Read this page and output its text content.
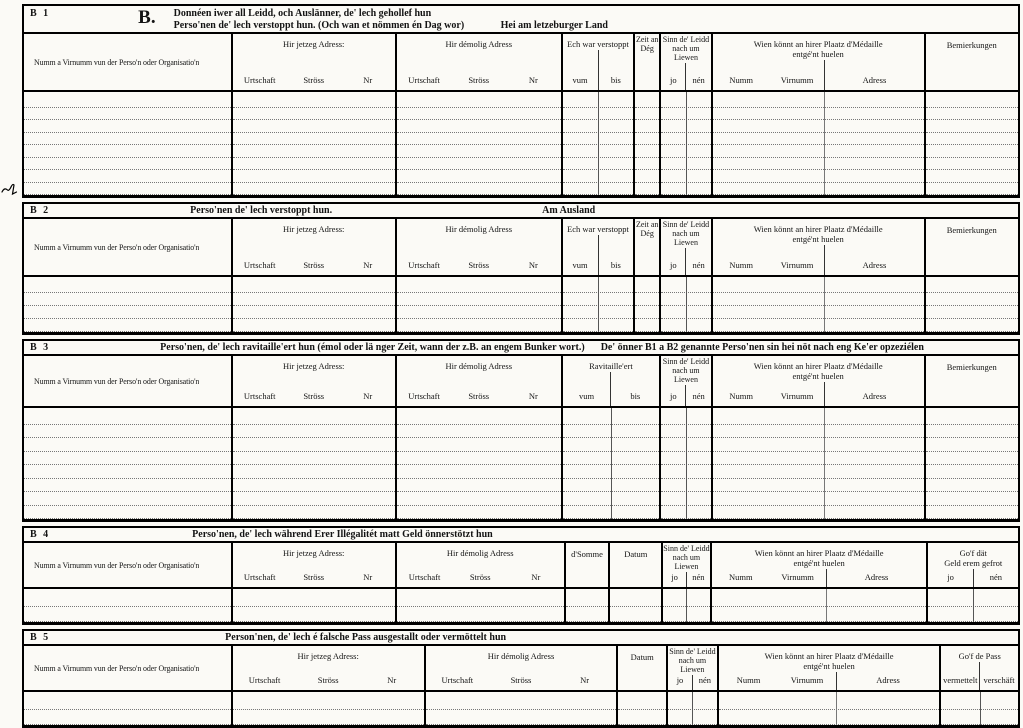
B 1	B. Donnéen iwer all Leidd, och Auslänner, de' lech gehollef hun
Perso'nen de' lech verstoppt hun. (Och wan et nömmen én Dag wor)	Hei am letzeburger Land
Numm a Virnumm vun der Perso'n oder Organisatio'n
Hir jetzeg Adress:
Urtschaft	Ströss	Nr
Hir démolig Adress
Urtschaft	Ströss	Nr
Ech war verstoppt
vum	bis
Zeit an Dég
Sinn de' Leidd nach um Liewen
jo	nén
Wien könnt an hirer Plaatz d'Médaille
entgé'nt huelen
Numm	Virnumm	Adress
Bemierkungen
B 2	Perso'nen de' lech verstoppt hun.	Am Ausland
Numm a Virnumm vun der Perso'n oder Organisatio'n
Hir jetzeg Adress:
Urtschaft	Ströss	Nr
Hir démolig Adress
Urtschaft	Ströss	Nr
Ech war verstoppt
vum	bis
Zeit an Dég
Sinn de' Leidd nach um Liewen
jo	nén
Wien könnt an hirer Plaatz d'Médaille
entgé'nt huelen
Numm	Virnumm	Adress
Bemierkungen
B 3	Perso'nen, de' lech ravitaille'ert hun (émol oder lä nger Zeit, wann der z.B. an engem Bunker wort.) De' önner B1 a B2 genannte Perso'nen sin hei nöt nach eng Ke'er opzeziélen
Numm a Virnumm vun der Perso'n oder Organisatio'n
Hir jetzeg Adress:
Urtschaft	Ströss	Nr
Hir démolig Adress
Urtschaft	Ströss	Nr
Ravitaille'ert
vum	bis
Sinn de' Leidd nach um Liewen
jo	nén
Wien könnt an hirer Plaatz d'Médaille
entgé'nt huelen
Numm	Virnumm	Adress
Bemierkungen
B 4	Perso'nen, de' lech während Erer Illégalitét matt Geld önnerstötzt hun
Numm a Virnumm vun der Perso'n oder Organisatio'n
Hir jetzeg Adress:
Urtschaft	Ströss	Nr
Hir démolig Adress
Urtschaft	Ströss	Nr
d'Somme	Datum
Sinn de' Leidd nach um Liewen
jo	nén
Wien könnt an hirer Plaatz d'Médaille
entgé'nt huelen
Numm	Virnumm	Adress
Go'f dät
Geld erem gefrot
jo	nén
B 5	Person'nen, de' lech é falsche Pass ausgestallt oder vermöttelt hun
Numm a Virnumm vun der Perso'n oder Organisatio'n
Hir jetzeg Adress:
Urtschaft	Ströss	Nr
Hir démolig Adress
Urtschaft	Ströss	Nr
Datum
Sinn de' Leidd nach um Liewen
jo	nén
Wien könnt an hirer Plaatz d'Médaille
entgé'nt huelen
Numm	Virnumm	Adress
Go'f de Pass
vermettelt verschäft
